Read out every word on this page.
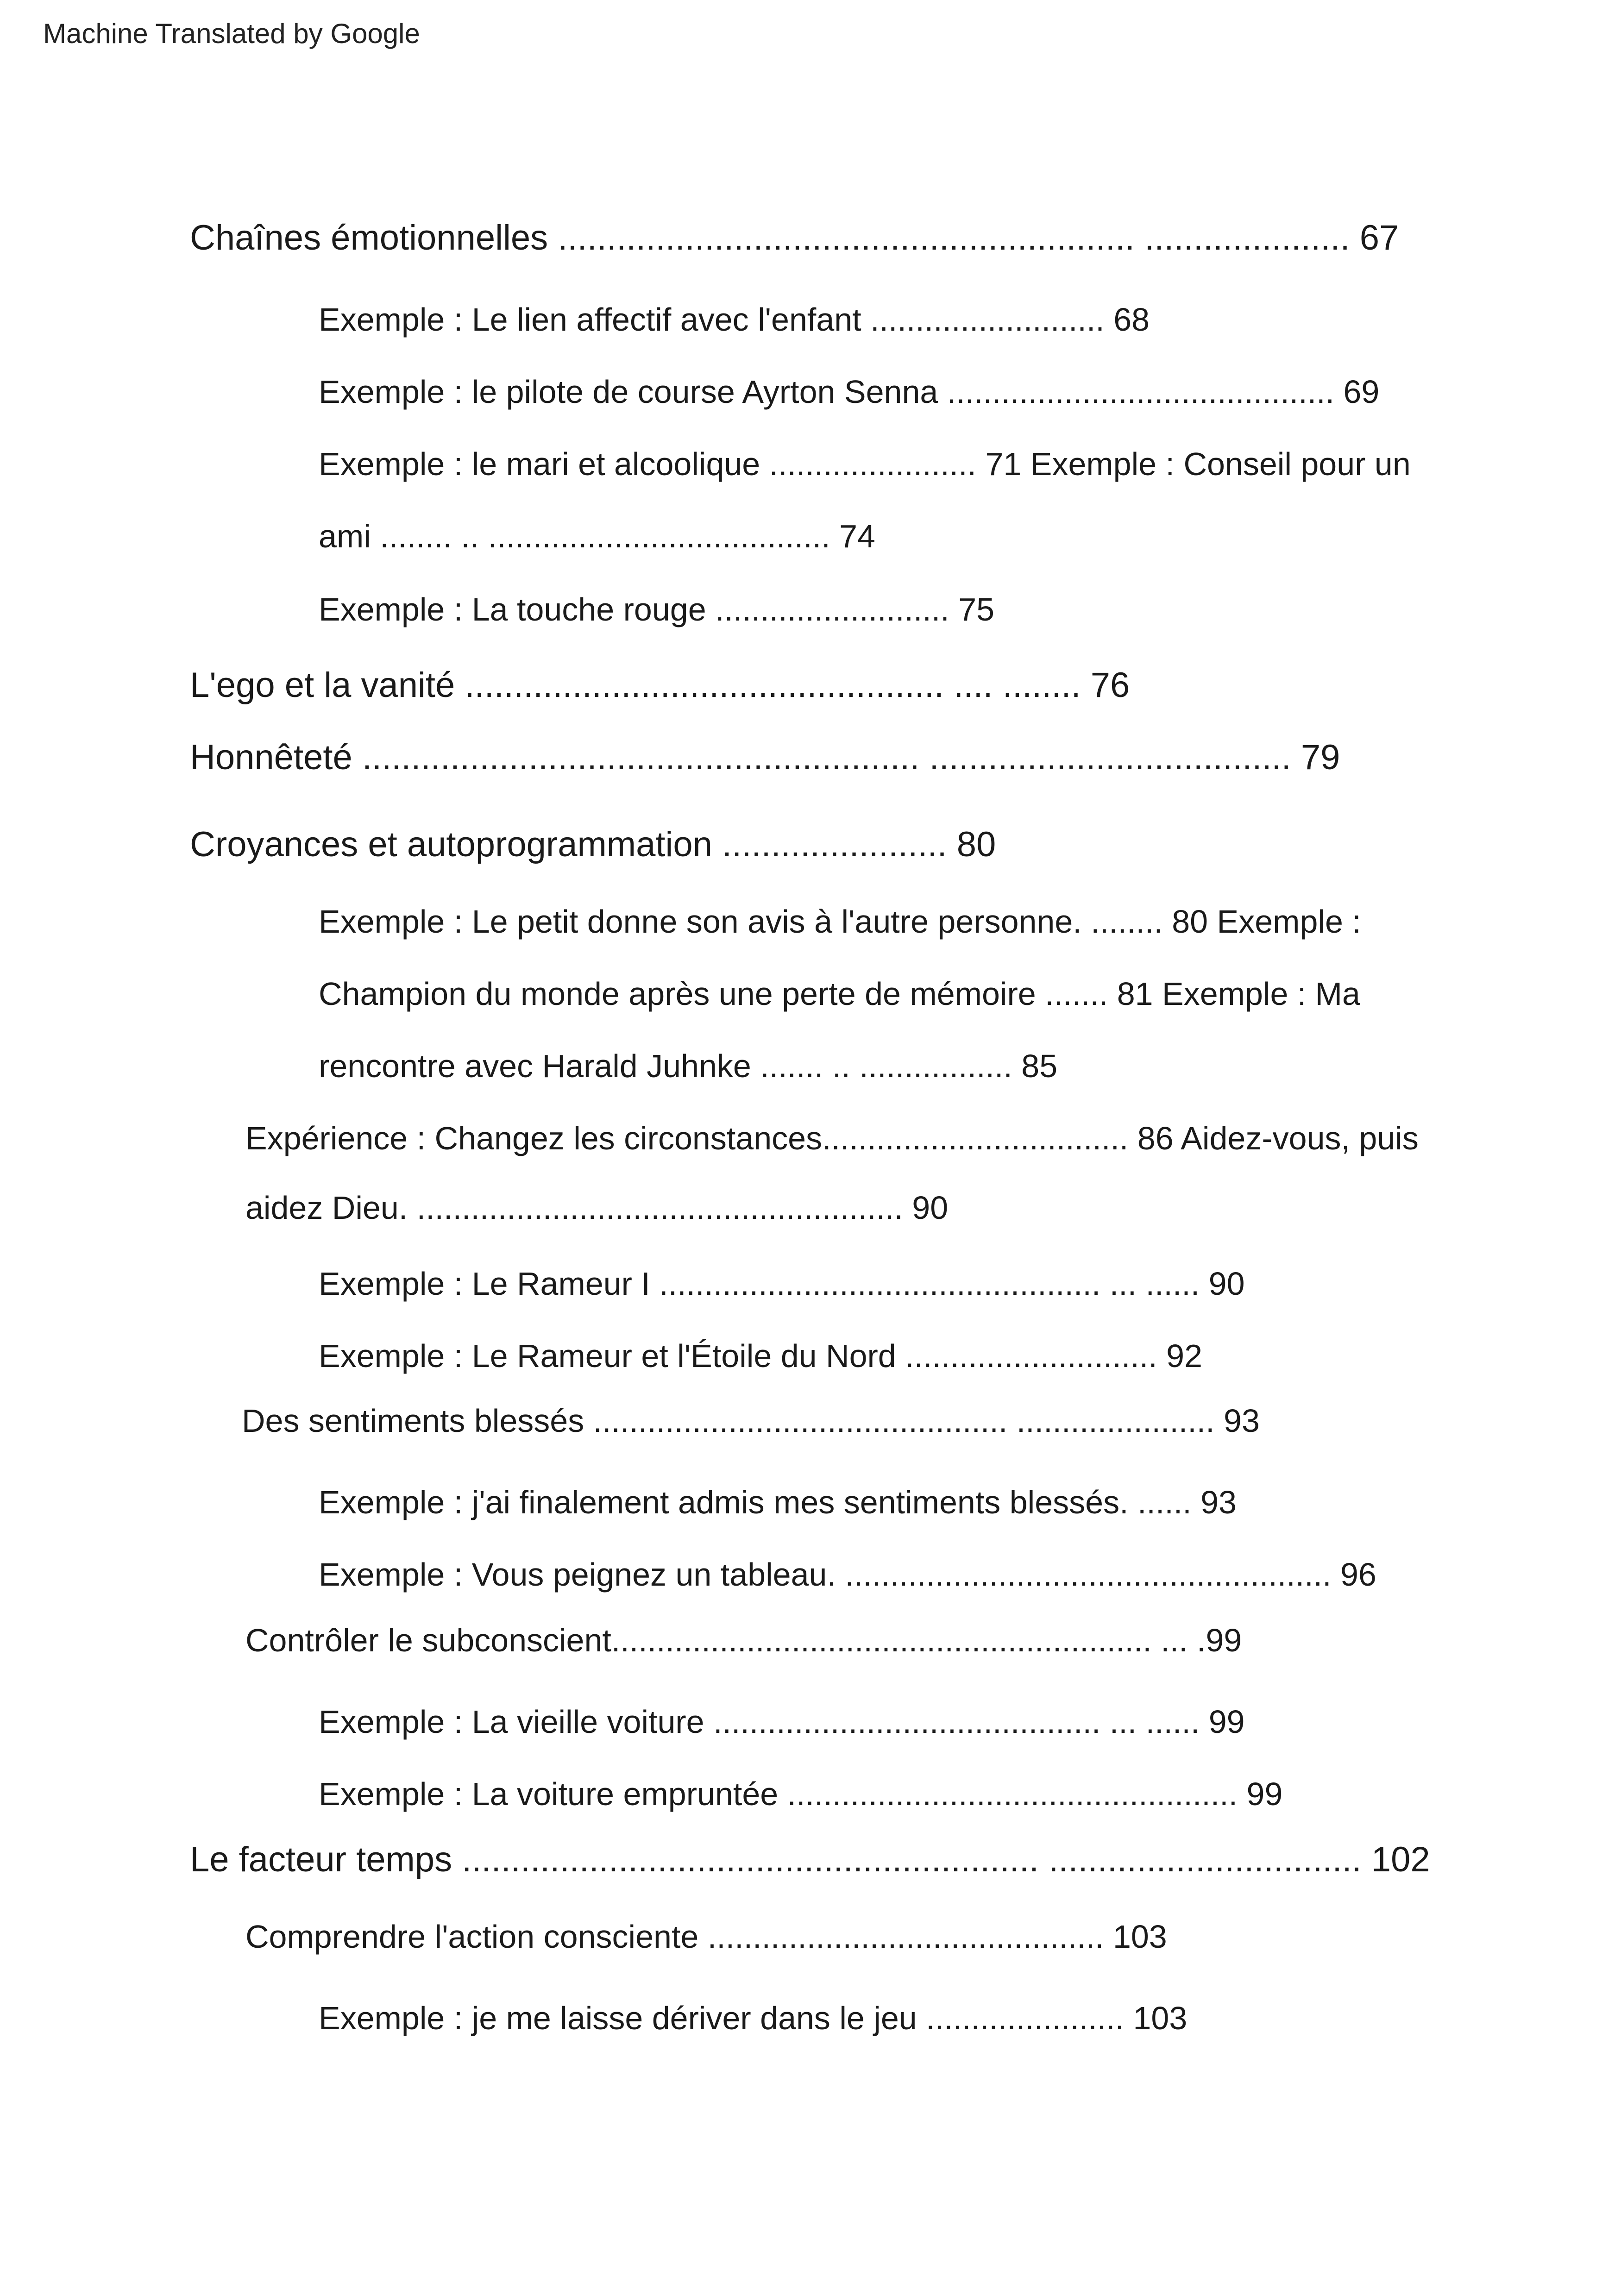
Machine Translated by Google
Chaînes émotionnelles ........................................................... ..................... 67
Exemple : Le lien affectif avec l'enfant .......................... 68
Exemple : le pilote de course Ayrton Senna ........................................... 69
Exemple : le mari et alcoolique ....................... 71 Exemple : Conseil pour un
ami ........ .. ...................................... 74
Exemple : La touche rouge .......................... 75
L'ego et la vanité ................................................. .... ........ 76
Honnêteté ......................................................... ..................................... 79
Croyances et autoprogrammation ....................... 80
Exemple : Le petit donne son avis à l'autre personne. ........ 80 Exemple :
Champion du monde après une perte de mémoire ....... 81 Exemple : Ma
rencontre avec Harald Juhnke ....... .. ................. 85
Expérience : Changez les circonstances.................................. 86 Aidez-vous, puis
aidez Dieu. ...................................................... 90
Exemple : Le Rameur I ................................................. ... ...... 90
Exemple : Le Rameur et l'Étoile du Nord ............................ 92
Des sentiments blessés .............................................. ...................... 93
Exemple : j'ai finalement admis mes sentiments blessés. ...... 93
Exemple : Vous peignez un tableau. ...................................................... 96
Contrôler le subconscient............................................................ ... .99
Exemple : La vieille voiture ........................................... ... ...... 99
Exemple : La voiture empruntée .................................................. 99
Le facteur temps ........................................................... ................................ 102
Comprendre l'action consciente ............................................ 103
Exemple : je me laisse dériver dans le jeu ...................... 103
